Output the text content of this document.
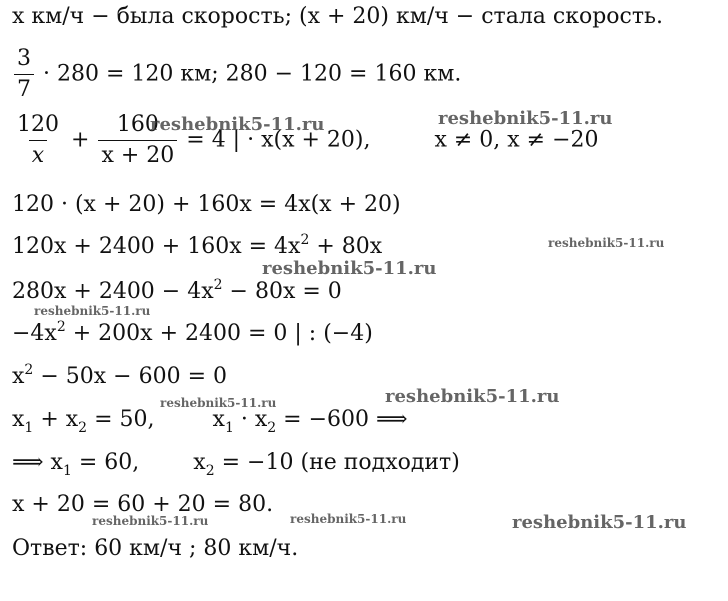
x км/ч − была скорость; (x + 20) км/ч − стала скорость.
$\frac{3}{7} \cdot 280 = 120$ км; 280 − 120 = 160 км.
$\frac{120}{x} + \frac{160}{x + 20} = 4$ | · x(x + 20),	x ≠ 0, x ≠ −20
120 · (x + 20) + 160x = 4x(x + 20)
$120x + 2400 + 160x = 4x^2 + 80x$
$280x + 2400 - 4x^2 - 80x = 0$
$-4x^2 + 200x + 2400 = 0$ | : (−4)
$x^2 - 50x - 600 = 0$
$x_1 + x_2 = 50$,	$x_1 \cdot x_2 = -600$ ⟹
⟹ $x_1 = 60$, $x_2 = -10$ (не подходит)
x + 20 = 60 + 20 = 80.
Ответ: 60 км/ч ; 80 км/ч.
reshebnik5-11.ru	reshebnik5-11.ru
reshebnik5-11.ru
reshebnik5-11.ru
reshebnik5-11.ru
reshebnik5-11.ru
reshebnik5-11.ru
reshebnik5-11.ru	reshebnik5-11.ru	reshebnik5-11.ru
